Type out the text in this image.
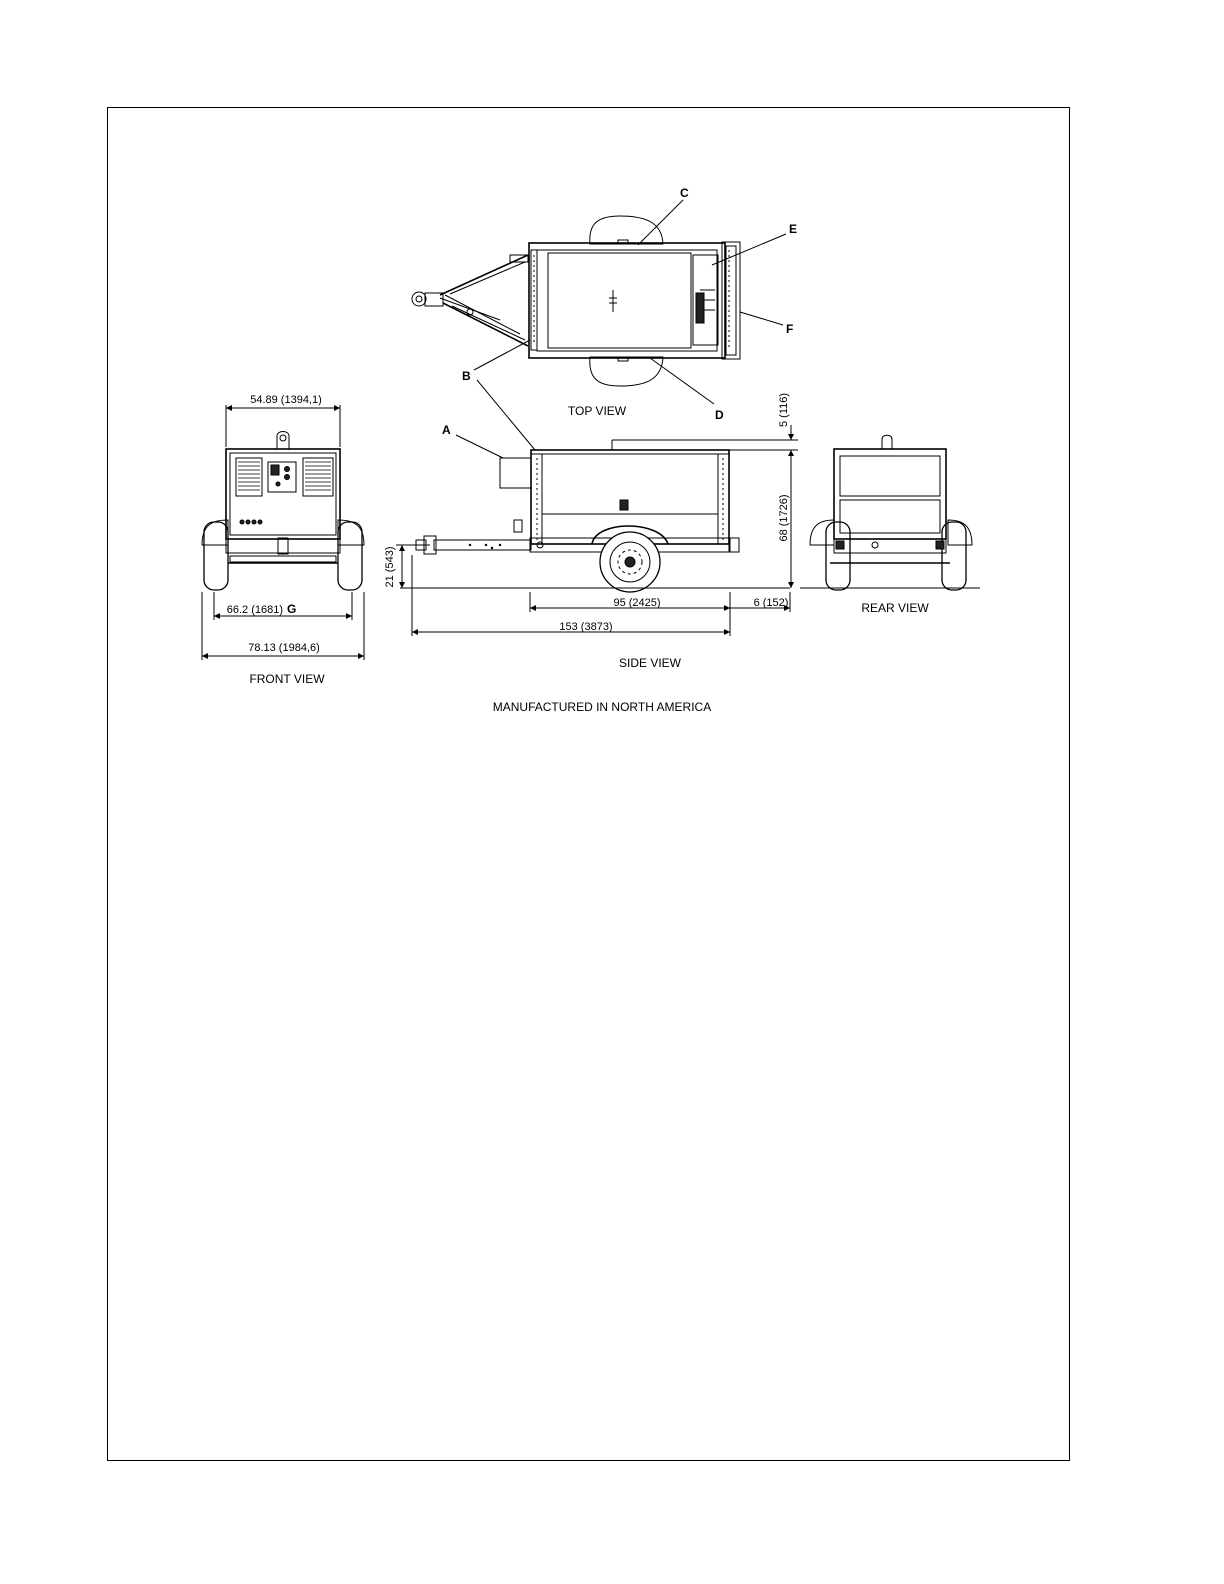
TOP VIEW
SIDE VIEW
FRONT VIEW
REAR VIEW
C
E
F
D
B
A
54.89 (1394,1)
66.2 (1681) G
78.13 (1984,6)
95 (2425)	6 (152)
153 (3873)
21 (543)
5 (116)
68 (1726)
MANUFACTURED IN NORTH AMERICA
